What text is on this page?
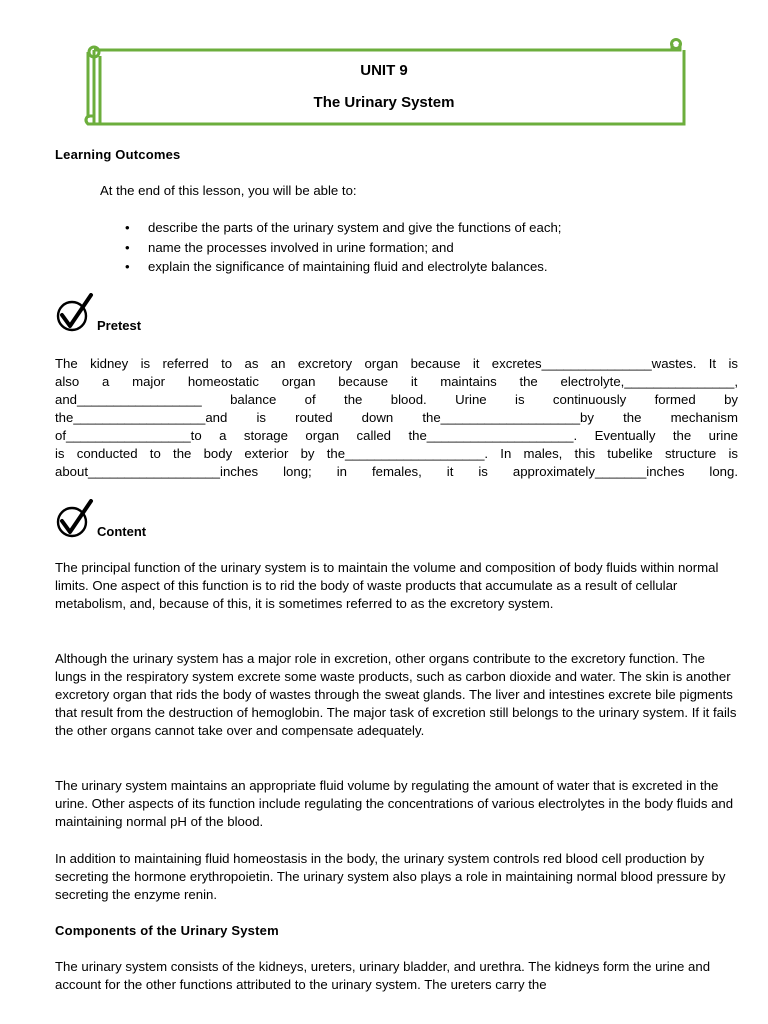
UNIT 9
The Urinary System
Learning Outcomes

At the end of this lesson, you will be able to:

• describe the parts of the urinary system and give the functions of each;
• name the processes involved in urine formation; and
• explain the significance of maintaining fluid and electrolyte balances.
Pretest
The kidney is referred to as an excretory organ because it excretes_______________wastes. It is
also a major homeostatic organ because it maintains the electrolyte,_______________,
and_________________ balance of the blood. Urine is continuously formed by
the__________________and is routed down the___________________by the mechanism
of_________________to a storage organ called the____________________. Eventually the urine
is conducted to the body exterior by the___________________. In males, this tubelike structure is
about__________________inches long; in females, it is approximately_______inches long.
Content

The principal function of the urinary system is to maintain the volume and composition of body fluids within normal limits. One aspect of this function is to rid the body of waste products that accumulate as a result of cellular metabolism, and, because of this, it is sometimes referred to as the excretory system.

Although the urinary system has a major role in excretion, other organs contribute to the excretory function. The lungs in the respiratory system excrete some waste products, such as carbon dioxide and water. The skin is another excretory organ that rids the body of wastes through the sweat glands. The liver and intestines excrete bile pigments that result from the destruction of hemoglobin. The major task of excretion still belongs to the urinary system. If it fails the other organs cannot take over and compensate adequately.

The urinary system maintains an appropriate fluid volume by regulating the amount of water that is excreted in the urine. Other aspects of its function include regulating the concentrations of various electrolytes in the body fluids and maintaining normal pH of the blood.

In addition to maintaining fluid homeostasis in the body, the urinary system controls red blood cell production by secreting the hormone erythropoietin. The urinary system also plays a role in maintaining normal blood pressure by secreting the enzyme renin.

Components of the Urinary System

The urinary system consists of the kidneys, ureters, urinary bladder, and urethra. The kidneys form the urine and account for the other functions attributed to the urinary system. The ureters carry the
